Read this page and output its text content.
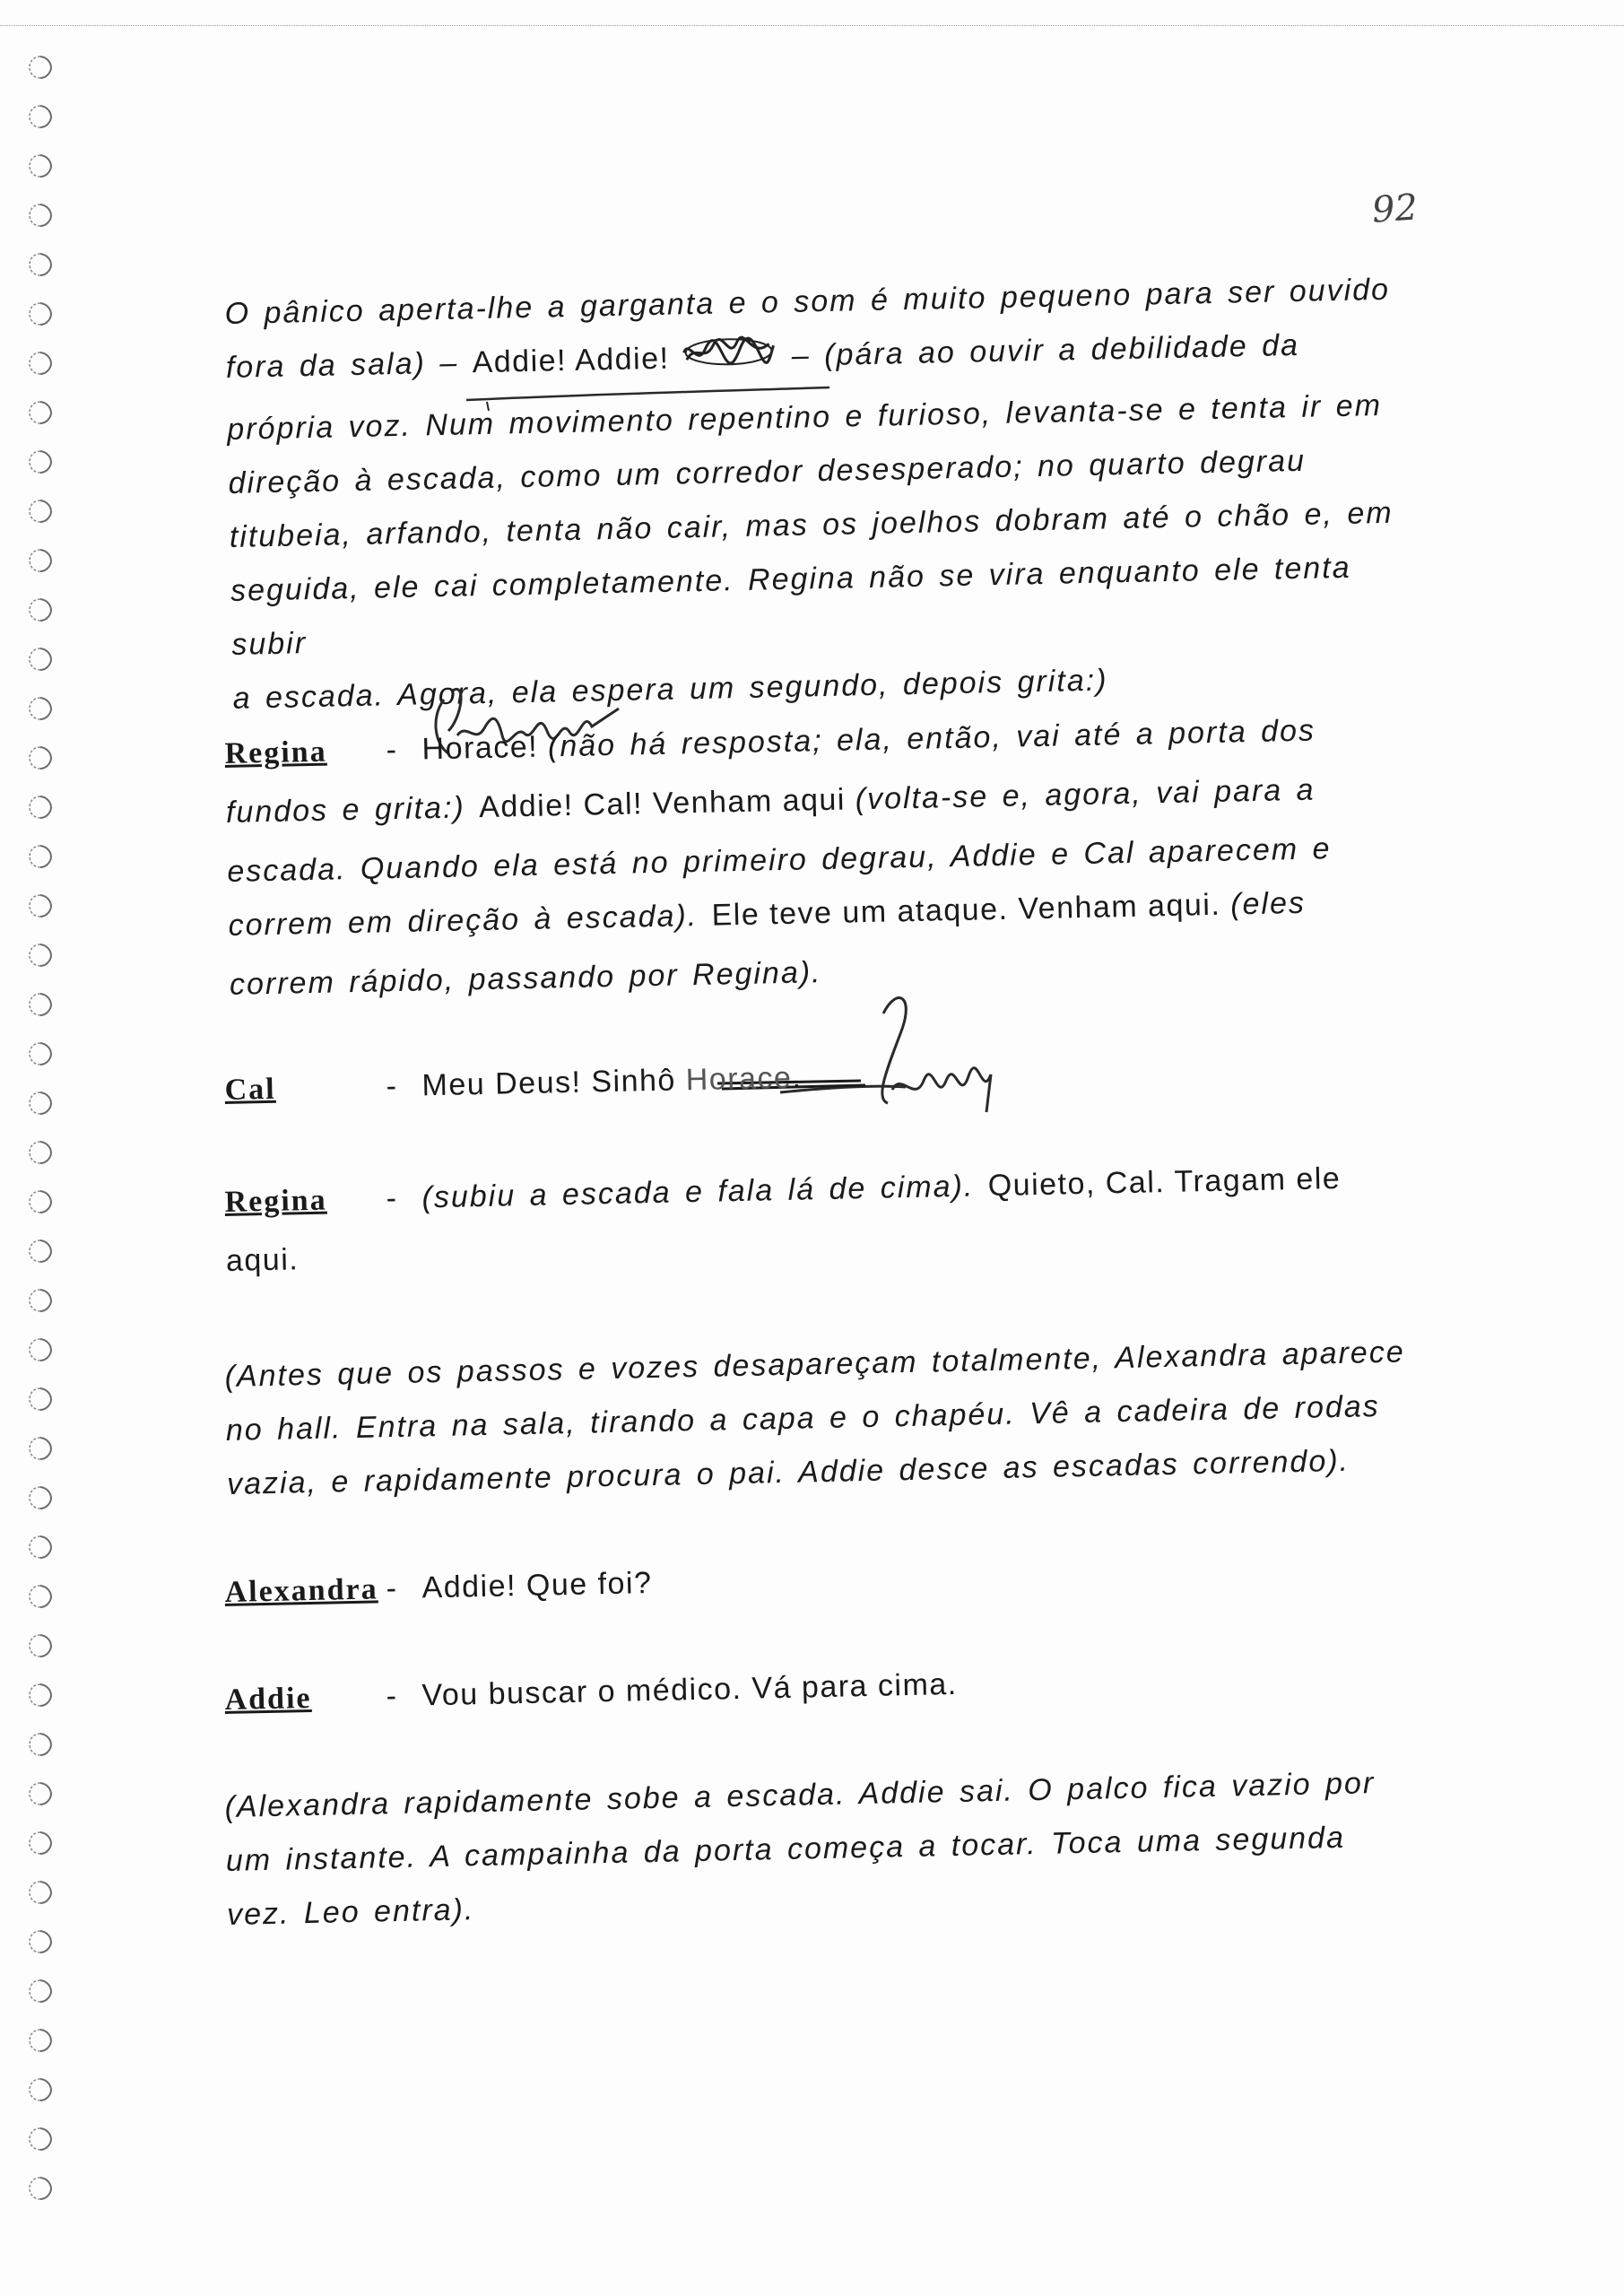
92
O pânico aperta-lhe a garganta e o som é muito pequeno para ser ouvido
fora da sala) – Addie! Addie!	– (pára ao ouvir a debilidade da
própria voz. Num movimento repentino e furioso, levanta-se e tenta ir em
direção à escada, como um corredor desesperado; no quarto degrau
titubeia, arfando, tenta não cair, mas os joelhos dobram até o chão e, em
seguida, ele cai completamente. Regina não se vira enquanto ele tenta subir
a escada. Agora, ela espera um segundo, depois grita:)
Regina - Horace! (não há resposta; ela, então, vai até a porta dos
fundos e grita:) Addie! Cal! Venham aqui (volta-se e, agora, vai para a
escada. Quando ela está no primeiro degrau, Addie e Cal aparecem e
correm em direção à escada). Ele teve um ataque. Venham aqui. (eles
correm rápido, passando por Regina).
Cal	- Meu Deus! Sinhô Horace.
Regina - (subiu a escada e fala lá de cima). Quieto, Cal. Tragam ele
aqui.
(Antes que os passos e vozes desapareçam totalmente, Alexandra aparece
no hall. Entra na sala, tirando a capa e o chapéu. Vê a cadeira de rodas
vazia, e rapidamente procura o pai. Addie desce as escadas correndo).
Alexandra - Addie! Que foi?
Addie - Vou buscar o médico. Vá para cima.
(Alexandra rapidamente sobe a escada. Addie sai. O palco fica vazio por
um instante. A campainha da porta começa a tocar. Toca uma segunda
vez. Leo entra).
